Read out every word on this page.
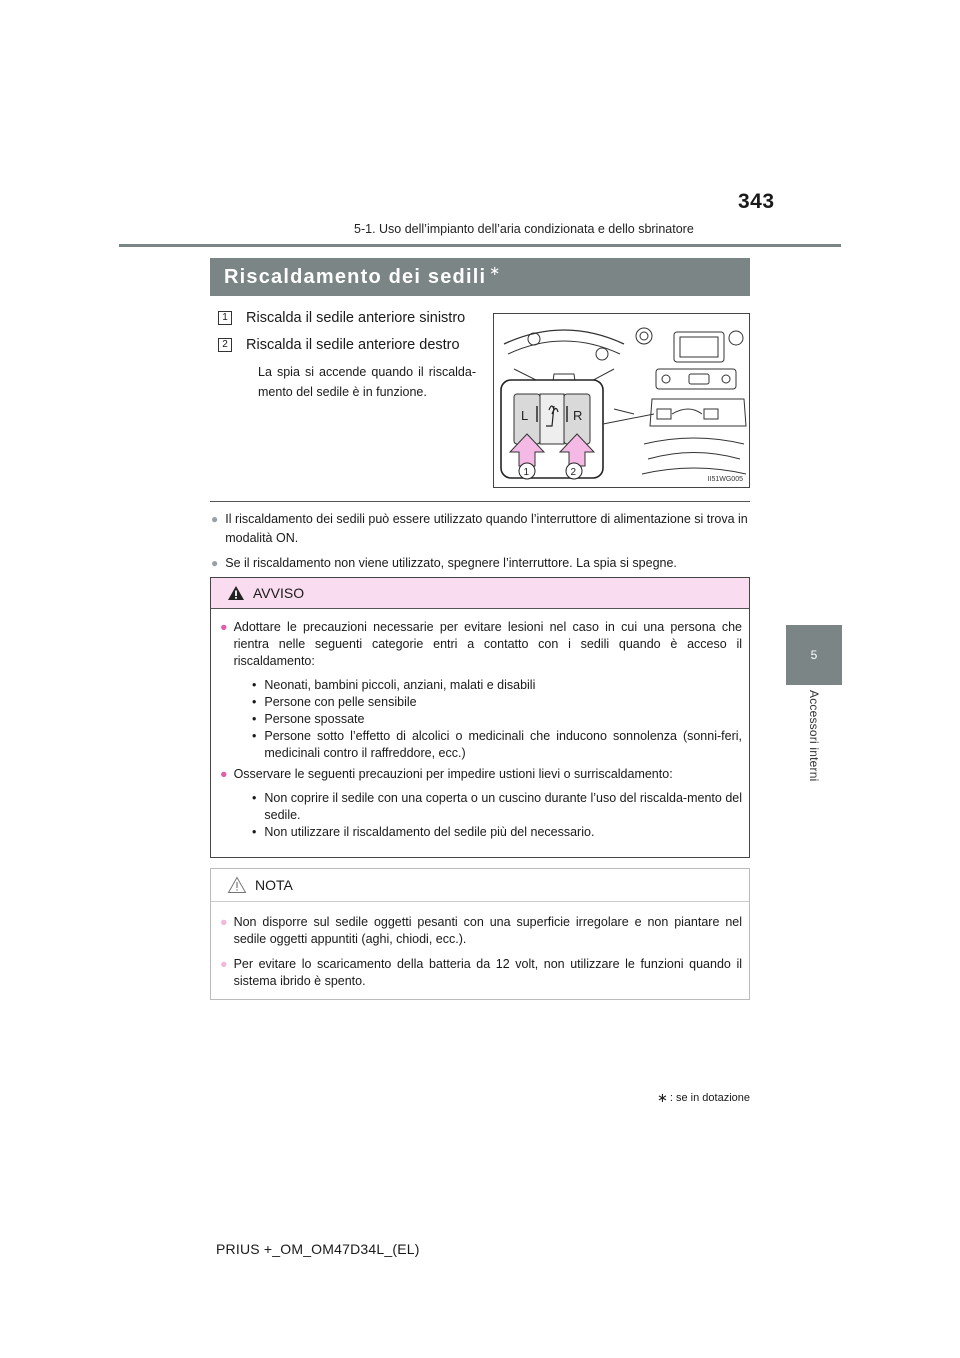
343
5-1. Uso dell’impianto dell’aria condizionata e dello sbrinatore
5
Accessori interni
Riscaldamento dei sedili∗
1 Riscalda il sedile anteriore sinistro
2 Riscalda il sedile anteriore destro
La spia si accende quando il riscalda-mento del sedile è in funzione.
L	R
1	2
II51WG005
● Il riscaldamento dei sedili può essere utilizzato quando l’interruttore di alimentazione si trova in modalità ON.
● Se il riscaldamento non viene utilizzato, spegnere l’interruttore. La spia si spegne.
AVVISO
● Adottare le precauzioni necessarie per evitare lesioni nel caso in cui una persona che rientra nelle seguenti categorie entri a contatto con i sedili quando è acceso il riscaldamento:
• Neonati, bambini piccoli, anziani, malati e disabili
• Persone con pelle sensibile
• Persone spossate
• Persone sotto l’effetto di alcolici o medicinali che inducono sonnolenza (sonni-feri, medicinali contro il raffreddore, ecc.)
● Osservare le seguenti precauzioni per impedire ustioni lievi o surriscaldamento:
• Non coprire il sedile con una coperta o un cuscino durante l’uso del riscalda-mento del sedile.
• Non utilizzare il riscaldamento del sedile più del necessario.
NOTA
● Non disporre sul sedile oggetti pesanti con una superficie irregolare e non piantare nel sedile oggetti appuntiti (aghi, chiodi, ecc.).
● Per evitare lo scaricamento della batteria da 12 volt, non utilizzare le funzioni quando il sistema ibrido è spento.
∗ : se in dotazione
PRIUS +_OM_OM47D34L_(EL)
